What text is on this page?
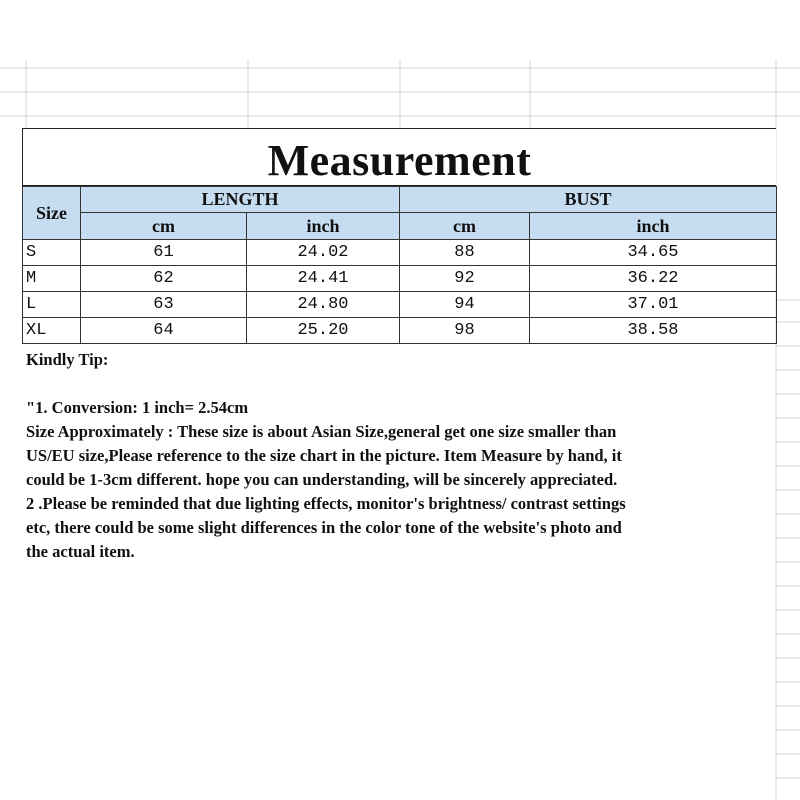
Measurement
Size	LENGTH		BUST	
	cm	inch	cm	inch
S	61	24.02	88	34.65
M	62	24.41	92	36.22
L	63	24.80	94	37.01
XL	64	25.20	98	38.58
Kindly Tip:
"1. Conversion: 1 inch= 2.54cm
Size Approximately : These size is about Asian Size,general get one size smaller than
US/EU size,Please reference to the size chart in the picture. Item Measure by hand, it
could be 1-3cm different. hope you can understanding, will be sincerely appreciated.
2 .Please be reminded that due lighting effects, monitor's brightness/ contrast settings
etc, there could be some slight differences in the color tone of the website's photo and
the actual item.
